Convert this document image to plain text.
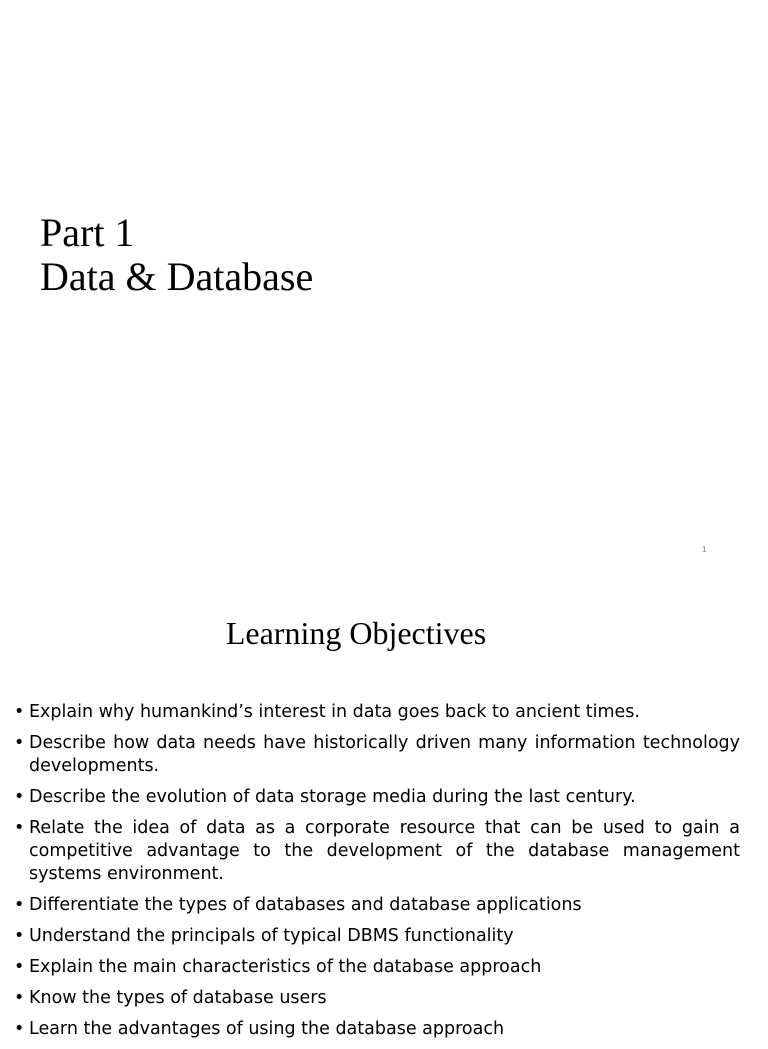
Part 1
Data & Database
1
Learning Objectives
• Explain why humankind’s interest in data goes back to ancient times.
• Describe how data needs have historically driven many information technology developments.
• Describe the evolution of data storage media during the last century.
• Relate the idea of data as a corporate resource that can be used to gain a competitive advantage to the development of the database management systems environment.
• Differentiate the types of databases and database applications
• Understand the principals of typical DBMS functionality
• Explain the main characteristics of the database approach
• Know the types of database users
• Learn the advantages of using the database approach
